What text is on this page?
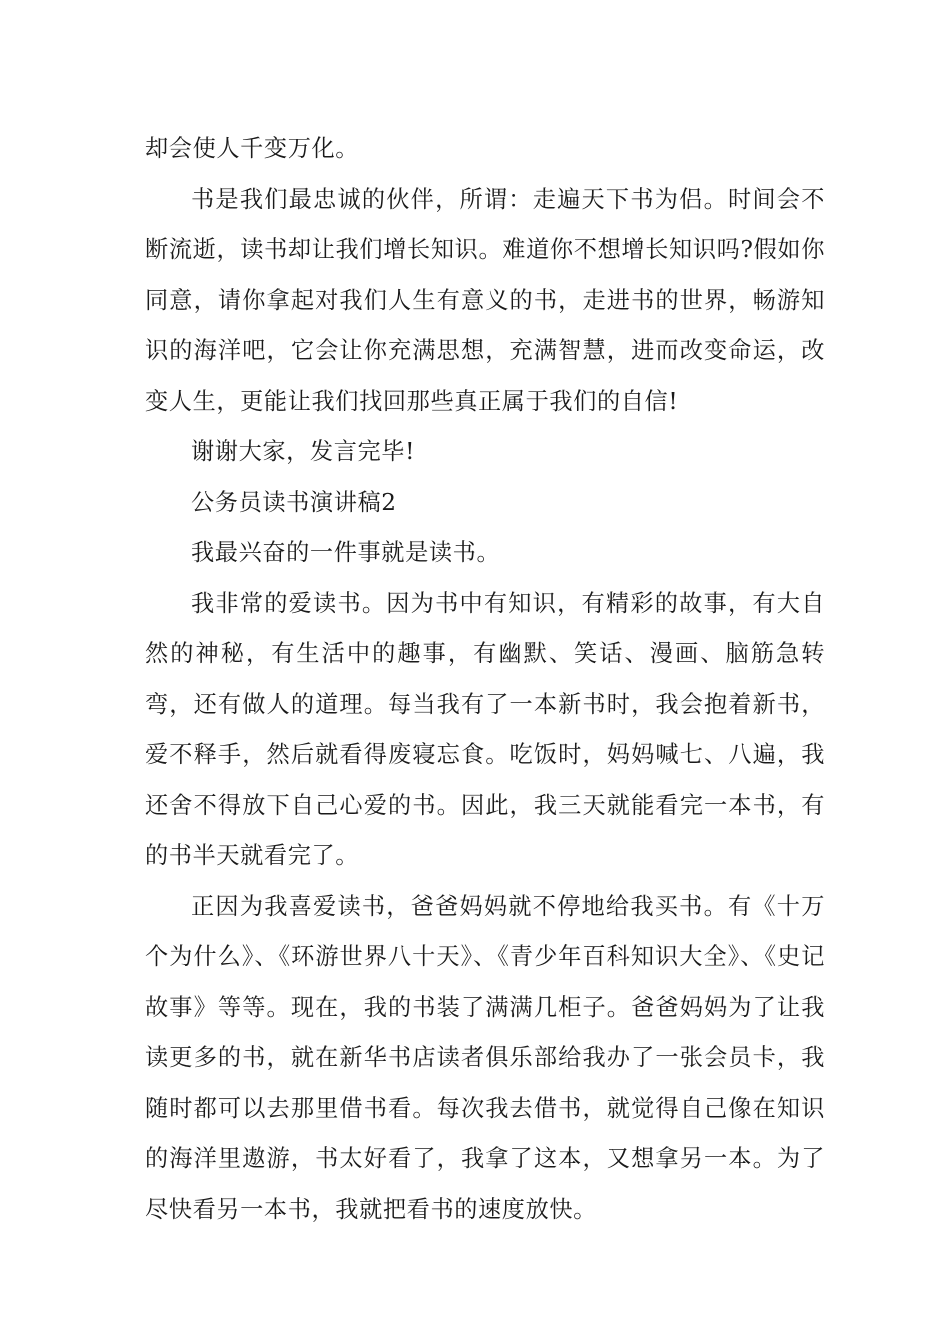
却会使人千变万化。

书是我们最忠诚的伙伴，所谓：走遍天下书为侣。时间会不断流逝，读书却让我们增长知识。难道你不想增长知识吗?假如你同意，请你拿起对我们人生有意义的书，走进书的世界，畅游知识的海洋吧，它会让你充满思想，充满智慧，进而改变命运，改变人生，更能让我们找回那些真正属于我们的自信!

谢谢大家，发言完毕!

公务员读书演讲稿2

我最兴奋的一件事就是读书。

我非常的爱读书。因为书中有知识，有精彩的故事，有大自然的神秘，有生活中的趣事，有幽默、笑话、漫画、脑筋急转弯，还有做人的道理。每当我有了一本新书时，我会抱着新书，爱不释手，然后就看得废寝忘食。吃饭时，妈妈喊七、八遍，我还舍不得放下自己心爱的书。因此，我三天就能看完一本书，有的书半天就看完了。

正因为我喜爱读书，爸爸妈妈就不停地给我买书。有《十万个为什么》、《环游世界八十天》、《青少年百科知识大全》、《史记故事》等等。现在，我的书装了满满几柜子。爸爸妈妈为了让我读更多的书，就在新华书店读者俱乐部给我办了一张会员卡，我随时都可以去那里借书看。每次我去借书，就觉得自己像在知识的海洋里遨游，书太好看了，我拿了这本，又想拿另一本。为了尽快看另一本书，我就把看书的速度放快。
